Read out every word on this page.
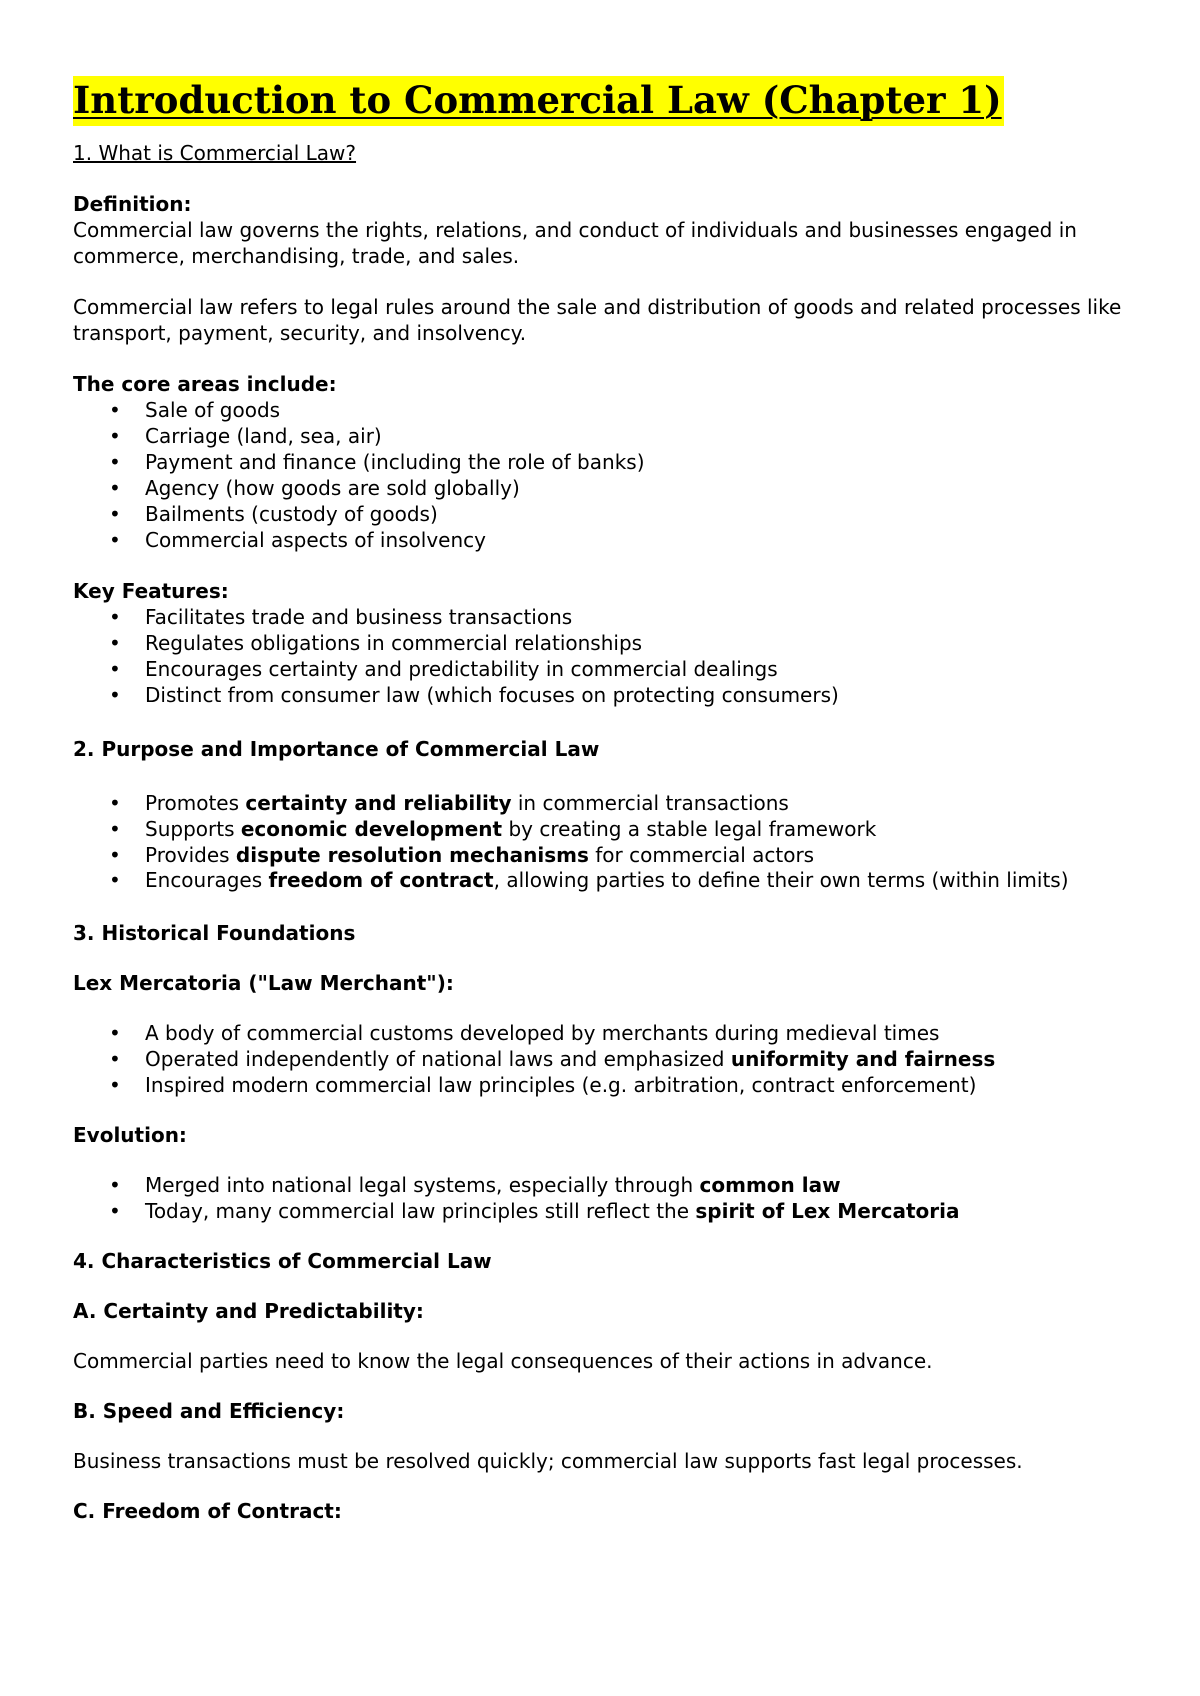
Introduction to Commercial Law (Chapter 1)
1. What is Commercial Law?
Definition:

Commercial law governs the rights, relations, and conduct of individuals and businesses engaged in commerce, merchandising, trade, and sales.

Commercial law refers to legal rules around the sale and distribution of goods and related processes like transport, payment, security, and insolvency.

The core areas include:
• Sale of goods
• Carriage (land, sea, air)
• Payment and finance (including the role of banks)
• Agency (how goods are sold globally)
• Bailments (custody of goods)
• Commercial aspects of insolvency
Key Features:
• Facilitates trade and business transactions
• Regulates obligations in commercial relationships
• Encourages certainty and predictability in commercial dealings
• Distinct from consumer law (which focuses on protecting consumers)
2. Purpose and Importance of Commercial Law
• Promotes certainty and reliability in commercial transactions
• Supports economic development by creating a stable legal framework
• Provides dispute resolution mechanisms for commercial actors
• Encourages freedom of contract, allowing parties to define their own terms (within limits)
3. Historical Foundations
Lex Mercatoria ("Law Merchant"):
• A body of commercial customs developed by merchants during medieval times
• Operated independently of national laws and emphasized uniformity and fairness
• Inspired modern commercial law principles (e.g. arbitration, contract enforcement)
Evolution:
• Merged into national legal systems, especially through common law
• Today, many commercial law principles still reflect the spirit of Lex Mercatoria
4. Characteristics of Commercial Law
A. Certainty and Predictability:

Commercial parties need to know the legal consequences of their actions in advance.

B. Speed and Efficiency:

Business transactions must be resolved quickly; commercial law supports fast legal processes.

C. Freedom of Contract:
